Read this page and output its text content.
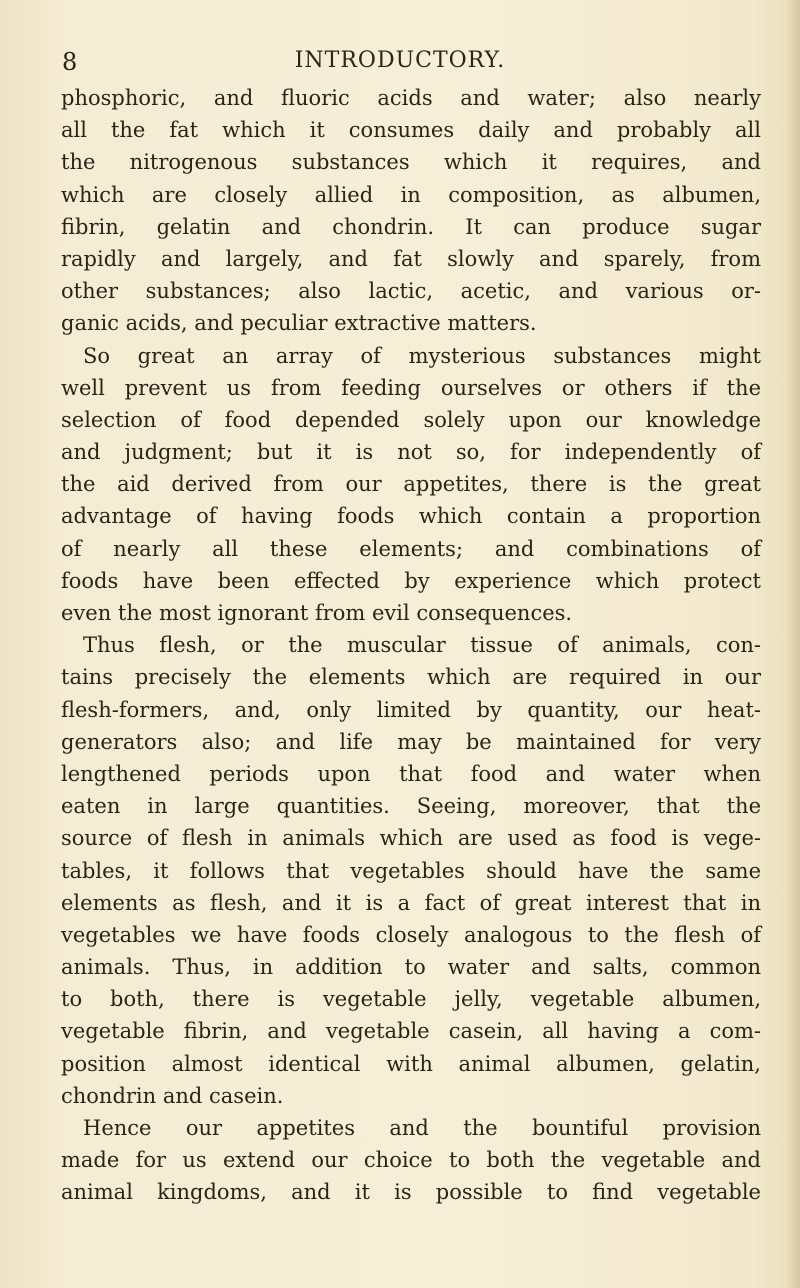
8	INTRODUCTORY.
phosphoric, and fluoric acids and water; also nearly
all the fat which it consumes daily and probably all
the nitrogenous substances which it requires, and
which are closely allied in composition, as albumen,
fibrin, gelatin and chondrin. It can produce sugar
rapidly and largely, and fat slowly and sparely, from
other substances; also lactic, acetic, and various or-
ganic acids, and peculiar extractive matters.
So great an array of mysterious substances might
well prevent us from feeding ourselves or others if the
selection of food depended solely upon our knowledge
and judgment; but it is not so, for independently of
the aid derived from our appetites, there is the great
advantage of having foods which contain a proportion
of nearly all these elements; and combinations of
foods have been effected by experience which protect
even the most ignorant from evil consequences.
Thus flesh, or the muscular tissue of animals, con-
tains precisely the elements which are required in our
flesh-formers, and, only limited by quantity, our heat-
generators also; and life may be maintained for very
lengthened periods upon that food and water when
eaten in large quantities. Seeing, moreover, that the
source of flesh in animals which are used as food is vege-
tables, it follows that vegetables should have the same
elements as flesh, and it is a fact of great interest that in
vegetables we have foods closely analogous to the flesh of
animals. Thus, in addition to water and salts, common
to both, there is vegetable jelly, vegetable albumen,
vegetable fibrin, and vegetable casein, all having a com-
position almost identical with animal albumen, gelatin,
chondrin and casein.
Hence our appetites and the bountiful provision
made for us extend our choice to both the vegetable and
animal kingdoms, and it is possible to find vegetable
